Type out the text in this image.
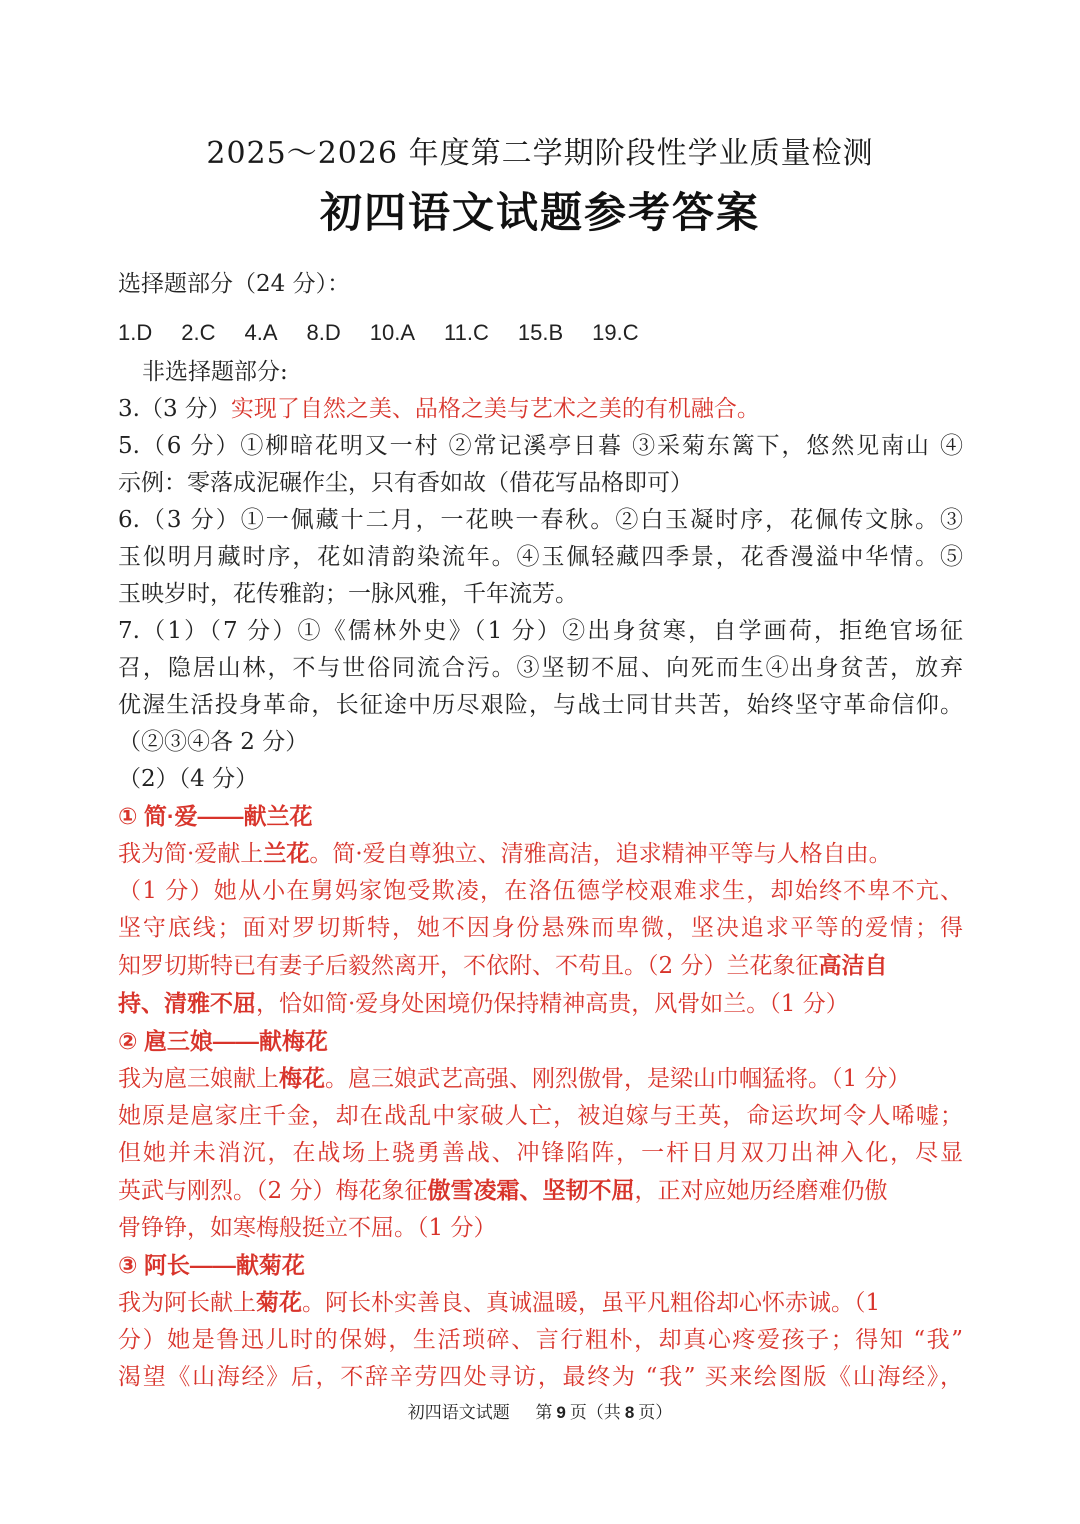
2025～2026 年度第二学期阶段性学业质量检测
初四语文试题参考答案
选择题部分（24 分）：
1.D 2.C 4.A 8.D 10.A 11.C 15.B 19.C
非选择题部分:
3.（3 分）实现了自然之美、品格之美与艺术之美的有机融合。
5.（6 分）①柳暗花明又一村 ②常记溪亭日暮 ③采菊东篱下，悠然见南山 ④
示例：零落成泥碾作尘，只有香如故（借花写品格即可）
6.（3 分）①一佩藏十二月，一花映一春秋。②白玉凝时序，花佩传文脉。③
玉似明月藏时序，花如清韵染流年。④玉佩轻藏四季景，花香漫溢中华情。⑤
玉映岁时，花传雅韵；一脉风雅，千年流芳。
7.（1）（7 分）①《儒林外史》（1 分）②出身贫寒，自学画荷，拒绝官场征
召，隐居山林，不与世俗同流合污。③坚韧不屈、向死而生④出身贫苦，放弃
优渥生活投身革命，长征途中历尽艰险，与战士同甘共苦，始终坚守革命信仰。
（②③④各 2 分）
（2）（4 分）
① 简·爱——献兰花
我为简·爱献上兰花。简·爱自尊独立、清雅高洁，追求精神平等与人格自由。
（1 分）她从小在舅妈家饱受欺凌，在洛伍德学校艰难求生，却始终不卑不亢、
坚守底线；面对罗切斯特，她不因身份悬殊而卑微，坚决追求平等的爱情；得
知罗切斯特已有妻子后毅然离开，不依附、不苟且。（2 分）兰花象征高洁自
持、清雅不屈，恰如简·爱身处困境仍保持精神高贵，风骨如兰。（1 分）
② 扈三娘——献梅花
我为扈三娘献上梅花。扈三娘武艺高强、刚烈傲骨，是梁山巾帼猛将。（1 分）
她原是扈家庄千金，却在战乱中家破人亡，被迫嫁与王英，命运坎坷令人唏嘘；
但她并未消沉，在战场上骁勇善战、冲锋陷阵，一杆日月双刀出神入化，尽显
英武与刚烈。（2 分）梅花象征傲雪凌霜、坚韧不屈，正对应她历经磨难仍傲
骨铮铮，如寒梅般挺立不屈。（1 分）
③ 阿长——献菊花
我为阿长献上菊花。阿长朴实善良、真诚温暖，虽平凡粗俗却心怀赤诚。（1
分）她是鲁迅儿时的保姆，生活琐碎、言行粗朴，却真心疼爱孩子；得知 “我”
渴望《山海经》后，不辞辛劳四处寻访，最终为 “我” 买来绘图版《山海经》，
初四语文试题 第 9 页（共 8 页）
